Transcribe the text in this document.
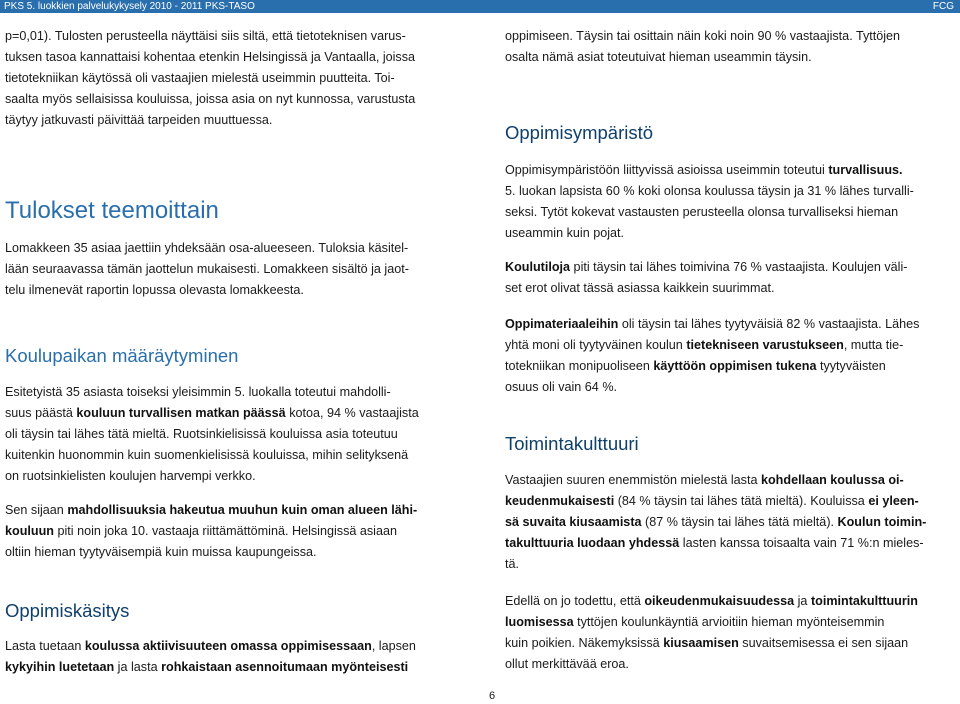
PKS 5. luokkien palvelukykysely 2010 - 2011 PKS-TASO	FCG
p=0,01). Tulosten perusteella näyttäisi siis siltä, että tietoteknisen varus-
tuksen tasoa kannattaisi kohentaa etenkin Helsingissä ja Vantaalla, joissa
tietotekniikan käytössä oli vastaajien mielestä useimmin puutteita. Toi-
saalta myös sellaisissa kouluissa, joissa asia on nyt kunnossa, varustusta
täytyy jatkuvasti päivittää tarpeiden muuttuessa.
Tulokset teemoittain
Lomakkeen 35 asiaa jaettiin yhdeksään osa-alueeseen. Tuloksia käsitel-
lään seuraavassa tämän jaottelun mukaisesti. Lomakkeen sisältö ja jaot-
telu ilmenevät raportin lopussa olevasta lomakkeesta.
Koulupaikan määräytyminen
Esitetyistä 35 asiasta toiseksi yleisimmin 5. luokalla toteutui mahdolli-
suus päästä kouluun turvallisen matkan päässä kotoa, 94 % vastaajista
oli täysin tai lähes tätä mieltä. Ruotsinkielisissä kouluissa asia toteutuu
kuitenkin huonommin kuin suomenkielisissä kouluissa, mihin selityksenä
on ruotsinkielisten koulujen harvempi verkko.
Sen sijaan mahdollisuuksia hakeutua muuhun kuin oman alueen lähi-
kouluun piti noin joka 10. vastaaja riittämättöminä. Helsingissä asiaan
oltiin hieman tyytyväisempiä kuin muissa kaupungeissa.
Oppimiskäsitys
Lasta tuetaan koulussa aktiivisuuteen omassa oppimisessaan, lapsen
kykyihin luetetaan ja lasta rohkaistaan asennoitumaan myönteisesti
oppimiseen. Täysin tai osittain näin koki noin 90 % vastaajista. Tyttöjen
osalta nämä asiat toteutuivat hieman useammin täysin.
Oppimisympäristö
Oppimisympäristöön liittyvissä asioissa useimmin toteutui turvallisuus.
5. luokan lapsista 60 % koki olonsa koulussa täysin ja 31 % lähes turvalli-
seksi. Tytöt kokevat vastausten perusteella olonsa turvalliseksi hieman
useammin kuin pojat.
Koulutiloja piti täysin tai lähes toimivina 76 % vastaajista. Koulujen väli-
set erot olivat tässä asiassa kaikkein suurimmat.
Oppimateriaaleihin oli täysin tai lähes tyytyväisiä 82 % vastaajista. Lähes
yhtä moni oli tyytyväinen koulun tietekniseen varustukseen, mutta tie-
totekniikan monipuoliseen käyttöön oppimisen tukena tyytyväisten
osuus oli vain 64 %.
Toimintakulttuuri
Vastaajien suuren enemmistön mielestä lasta kohdellaan koulussa oi-
keudenmukaisesti (84 % täysin tai lähes tätä mieltä). Kouluissa ei yleen-
sä suvaita kiusaamista (87 % täysin tai lähes tätä mieltä). Koulun toimin-
takulttuuria luodaan yhdessä lasten kanssa toisaalta vain 71 %:n mieles-
tä.
Edellä on jo todettu, että oikeudenmukaisuudessa ja toimintakulttuurin
luomisessa tyttöjen koulunkäyntiä arvioitiin hieman myönteisemmin
kuin poikien. Näkemyksissä kiusaamisen suvaitsemisessa ei sen sijaan
ollut merkittävää eroa.
6
